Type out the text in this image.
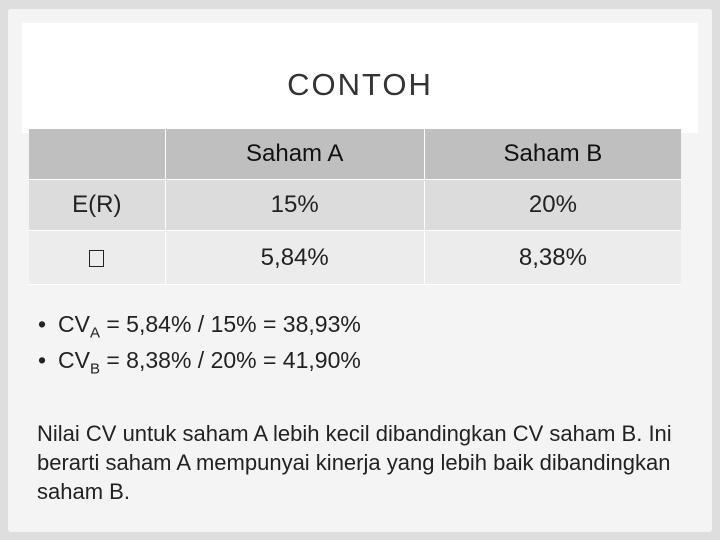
CONTOH
	Saham A	Saham B
E(R)	15%	20%
	5,84%	8,38%
• $CV_A = 5,84\% / 15\% = 38,93\%$
• $CV_B = 8,38\% / 20\% = 41,90\%$

Nilai CV untuk saham A lebih kecil dibandingkan CV saham B. Ini berarti saham A mempunyai kinerja yang lebih baik dibandingkan saham B.
